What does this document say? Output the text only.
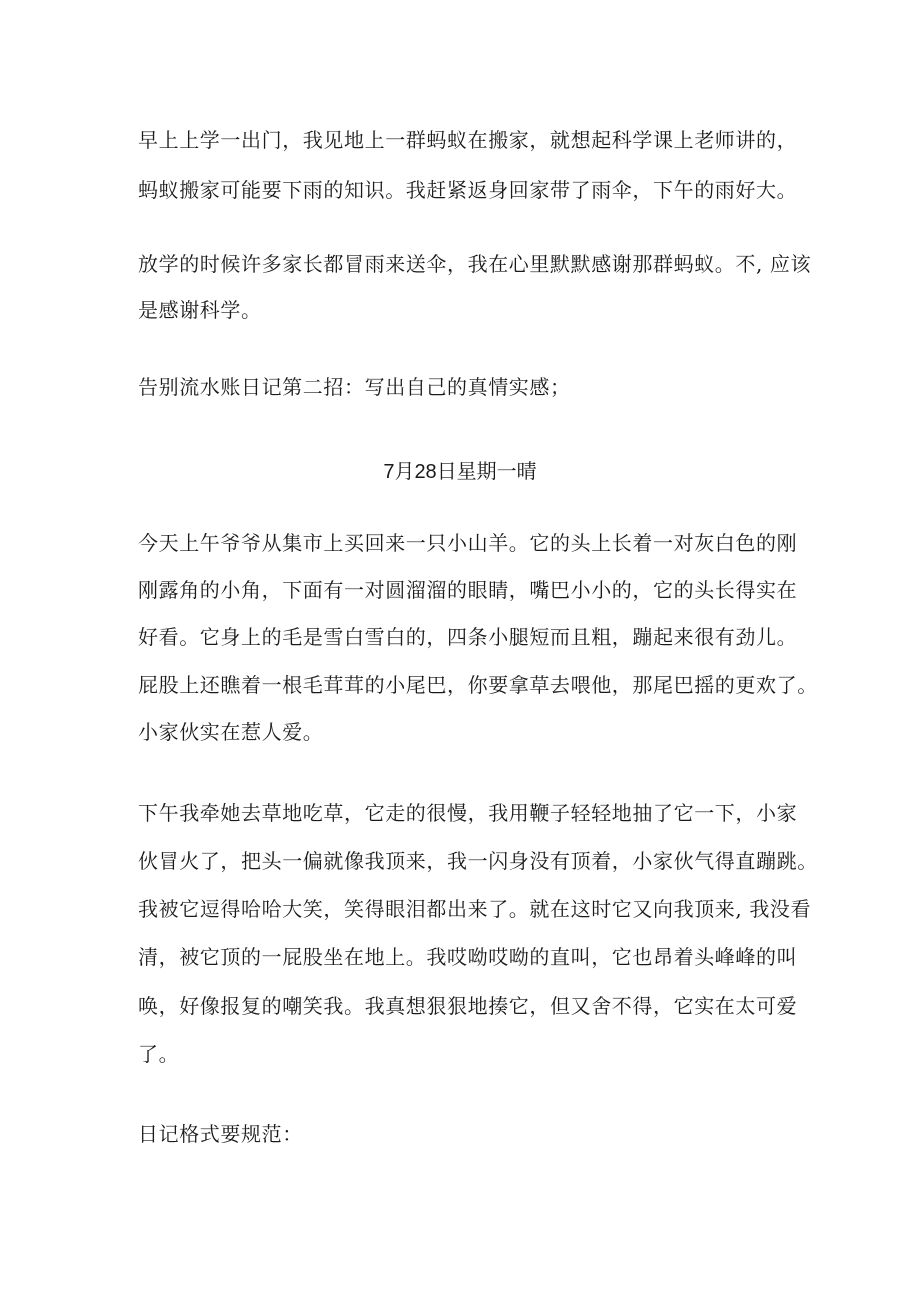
早上上学一出门，我见地上一群蚂蚁在搬家，就想起科学课上老师讲的，
蚂蚁搬家可能要下雨的知识。我赶紧返身回家带了雨伞，下午的雨好大。
放学的时候许多家长都冒雨来送伞，我在心里默默感谢那群蚂蚁。不, 应该
是感谢科学。
告别流水账日记第二招：写出自己的真情实感；
7月28日星期一晴
今天上午爷爷从集市上买回来一只小山羊。它的头上长着一对灰白色的刚
刚露角的小角，下面有一对圆溜溜的眼睛，嘴巴小小的，它的头长得实在
好看。它身上的毛是雪白雪白的，四条小腿短而且粗，蹦起来很有劲儿。
屁股上还瞧着一根毛茸茸的小尾巴，你要拿草去喂他，那尾巴摇的更欢了。
小家伙实在惹人爱。
下午我牵她去草地吃草，它走的很慢，我用鞭子轻轻地抽了它一下，小家
伙冒火了，把头一偏就像我顶来，我一闪身没有顶着，小家伙气得直蹦跳。
我被它逗得哈哈大笑，笑得眼泪都出来了。就在这时它又向我顶来, 我没看
清，被它顶的一屁股坐在地上。我哎呦哎呦的直叫，它也昂着头峰峰的叫
唤，好像报复的嘲笑我。我真想狠狠地揍它，但又舍不得，它实在太可爱
了。
日记格式要规范：
